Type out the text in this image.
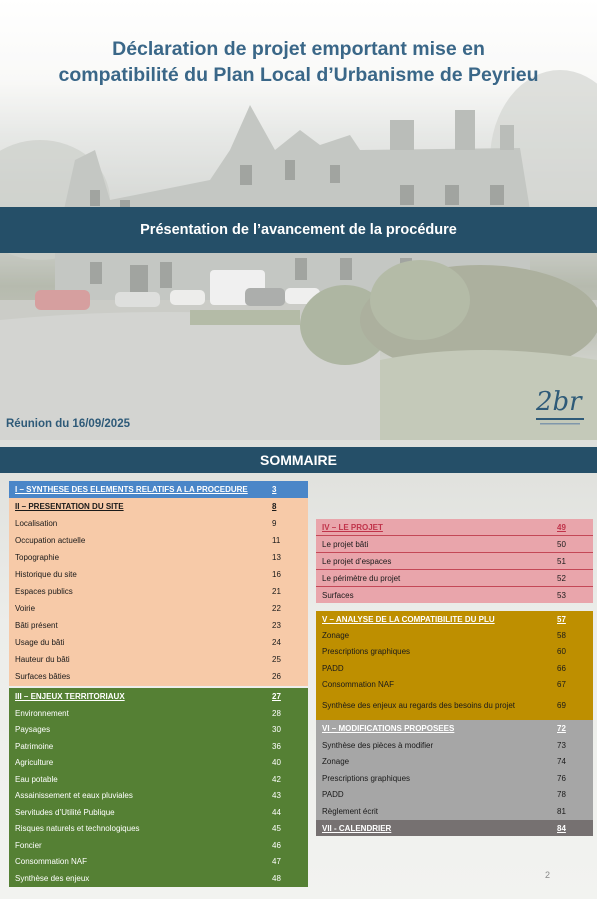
Déclaration de projet emportant mise en
compatibilité du Plan Local d’Urbanisme de Peyrieu
Présentation de l’avancement de la procédure
Réunion du 16/09/2025
2br
SOMMAIRE
I – SYNTHESE DES ELEMENTS RELATIFS A LA PROCEDURE	3
II – PRESENTATION DU SITE	8
Localisation	9
Occupation actuelle	11
Topographie	13
Historique du site	16
Espaces publics	21
Voirie	22
Bâti présent	23
Usage du bâti	24
Hauteur du bâti	25
Surfaces bâties	26
III – ENJEUX TERRITORIAUX	27
Environnement	28
Paysages	30
Patrimoine	36
Agriculture	40
Eau potable	42
Assainissement et eaux pluviales	43
Servitudes d’Utilité Publique	44
Risques naturels et technologiques	45
Foncier	46
Consommation NAF	47
Synthèse des enjeux	48
IV – LE PROJET	49
Le projet bâti	50
Le projet d’espaces	51
Le périmètre du projet	52
Surfaces	53
V – ANALYSE DE LA COMPATIBILITE DU PLU	57
Zonage	58
Prescriptions graphiques	60
PADD	66
Consommation NAF	67
Synthèse des enjeux au regards des besoins du projet	69
VI – MODIFICATIONS PROPOSEES	72
Synthèse des pièces à modifier	73
Zonage	74
Prescriptions graphiques	76
PADD	78
Règlement écrit	81
VII - CALENDRIER	84
2
